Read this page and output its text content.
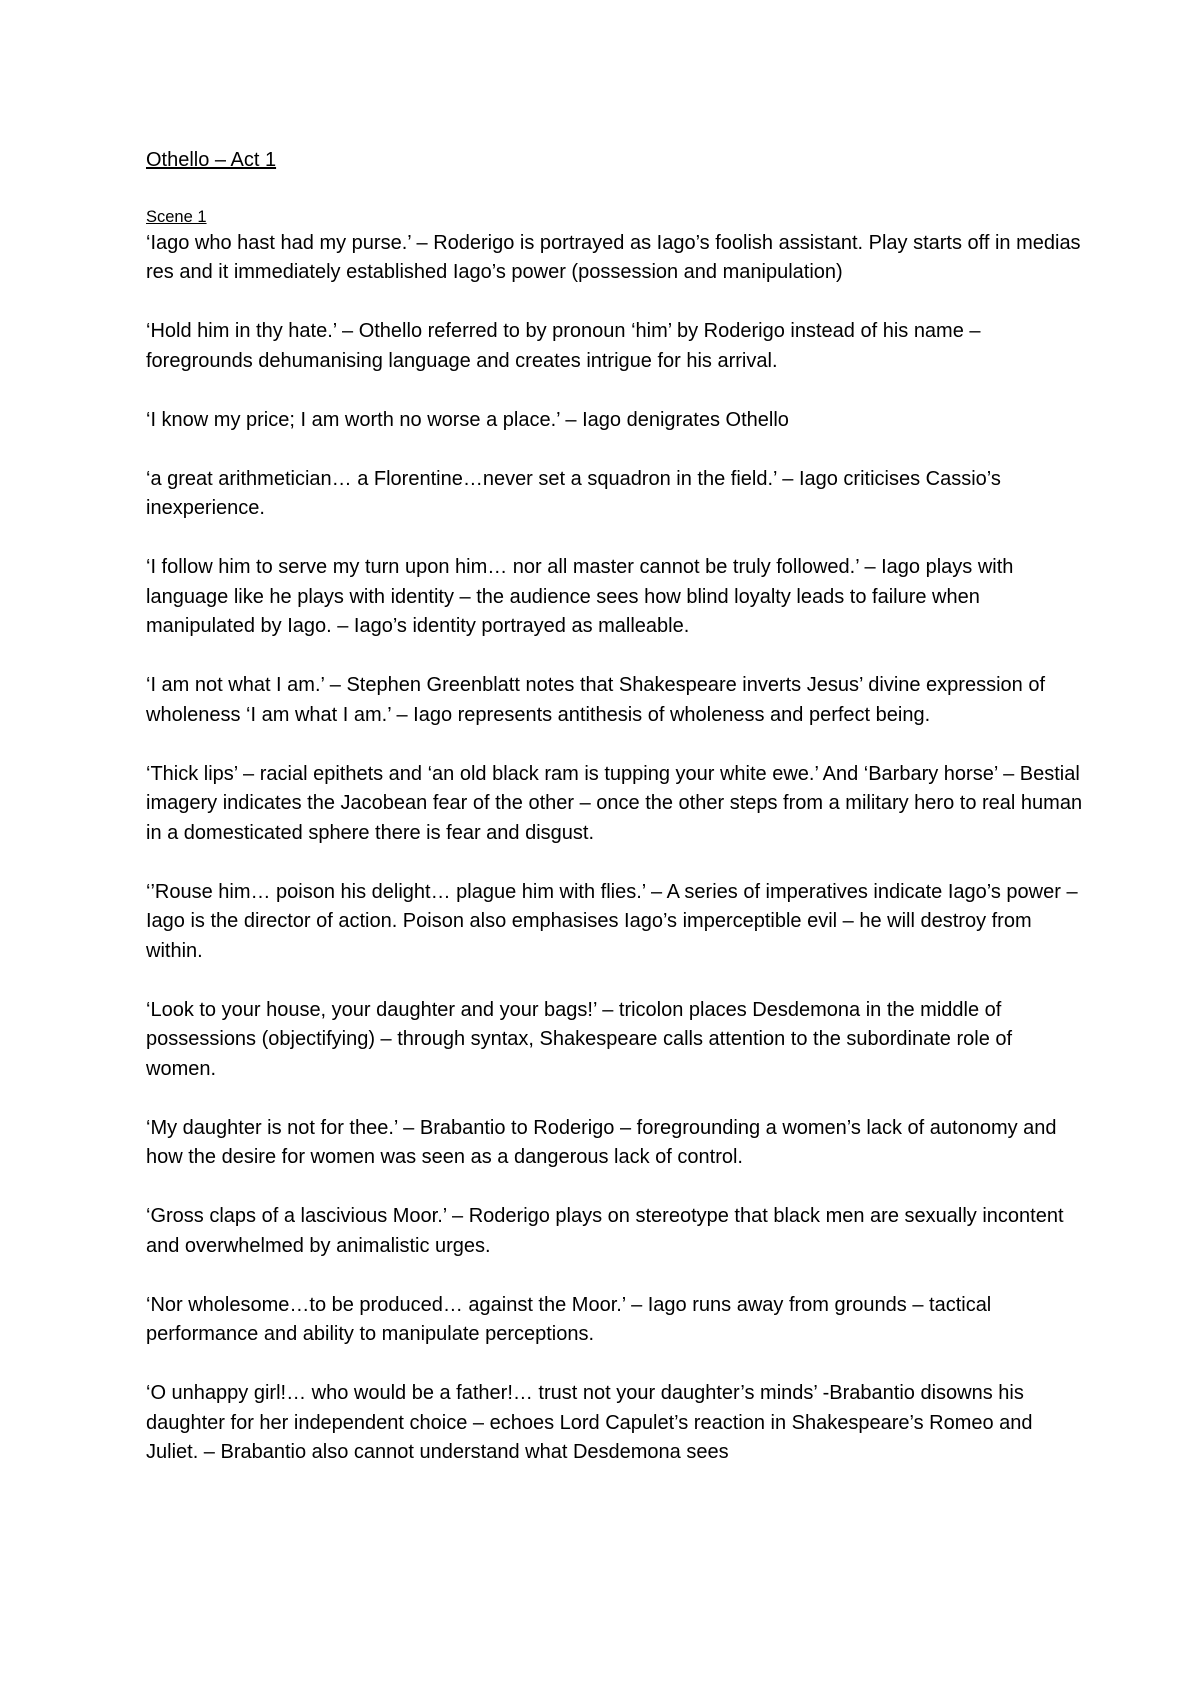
Othello – Act 1
Scene 1

‘Iago who hast had my purse.’ – Roderigo is portrayed as Iago’s foolish assistant. Play starts off in medias res and it immediately established Iago’s power (possession and manipulation)

‘Hold him in thy hate.’ – Othello referred to by pronoun ‘him’ by Roderigo instead of his name – foregrounds dehumanising language and creates intrigue for his arrival.

‘I know my price; I am worth no worse a place.’ – Iago denigrates Othello

‘a great arithmetician… a Florentine…never set a squadron in the field.’ – Iago criticises Cassio’s inexperience.

‘I follow him to serve my turn upon him… nor all master cannot be truly followed.’ – Iago plays with language like he plays with identity – the audience sees how blind loyalty leads to failure when manipulated by Iago. – Iago’s identity portrayed as malleable.

‘I am not what I am.’ – Stephen Greenblatt notes that Shakespeare inverts Jesus’ divine expression of wholeness ‘I am what I am.’ – Iago represents antithesis of wholeness and perfect being.

‘Thick lips’ – racial epithets and ‘an old black ram is tupping your white ewe.’ And ‘Barbary horse’ – Bestial imagery indicates the Jacobean fear of the other – once the other steps from a military hero to real human in a domesticated sphere there is fear and disgust.

‘’Rouse him… poison his delight… plague him with flies.’ – A series of imperatives indicate Iago’s power – Iago is the director of action. Poison also emphasises Iago’s imperceptible evil – he will destroy from within.

‘Look to your house, your daughter and your bags!’ – tricolon places Desdemona in the middle of possessions (objectifying) – through syntax, Shakespeare calls attention to the subordinate role of women.

‘My daughter is not for thee.’ – Brabantio to Roderigo – foregrounding a women’s lack of autonomy and how the desire for women was seen as a dangerous lack of control.

‘Gross claps of a lascivious Moor.’ – Roderigo plays on stereotype that black men are sexually incontent and overwhelmed by animalistic urges.

‘Nor wholesome…to be produced… against the Moor.’ – Iago runs away from grounds – tactical performance and ability to manipulate perceptions.

‘O unhappy girl!… who would be a father!… trust not your daughter’s minds’ -Brabantio disowns his daughter for her independent choice – echoes Lord Capulet’s reaction in Shakespeare’s Romeo and Juliet. – Brabantio also cannot understand what Desdemona sees
